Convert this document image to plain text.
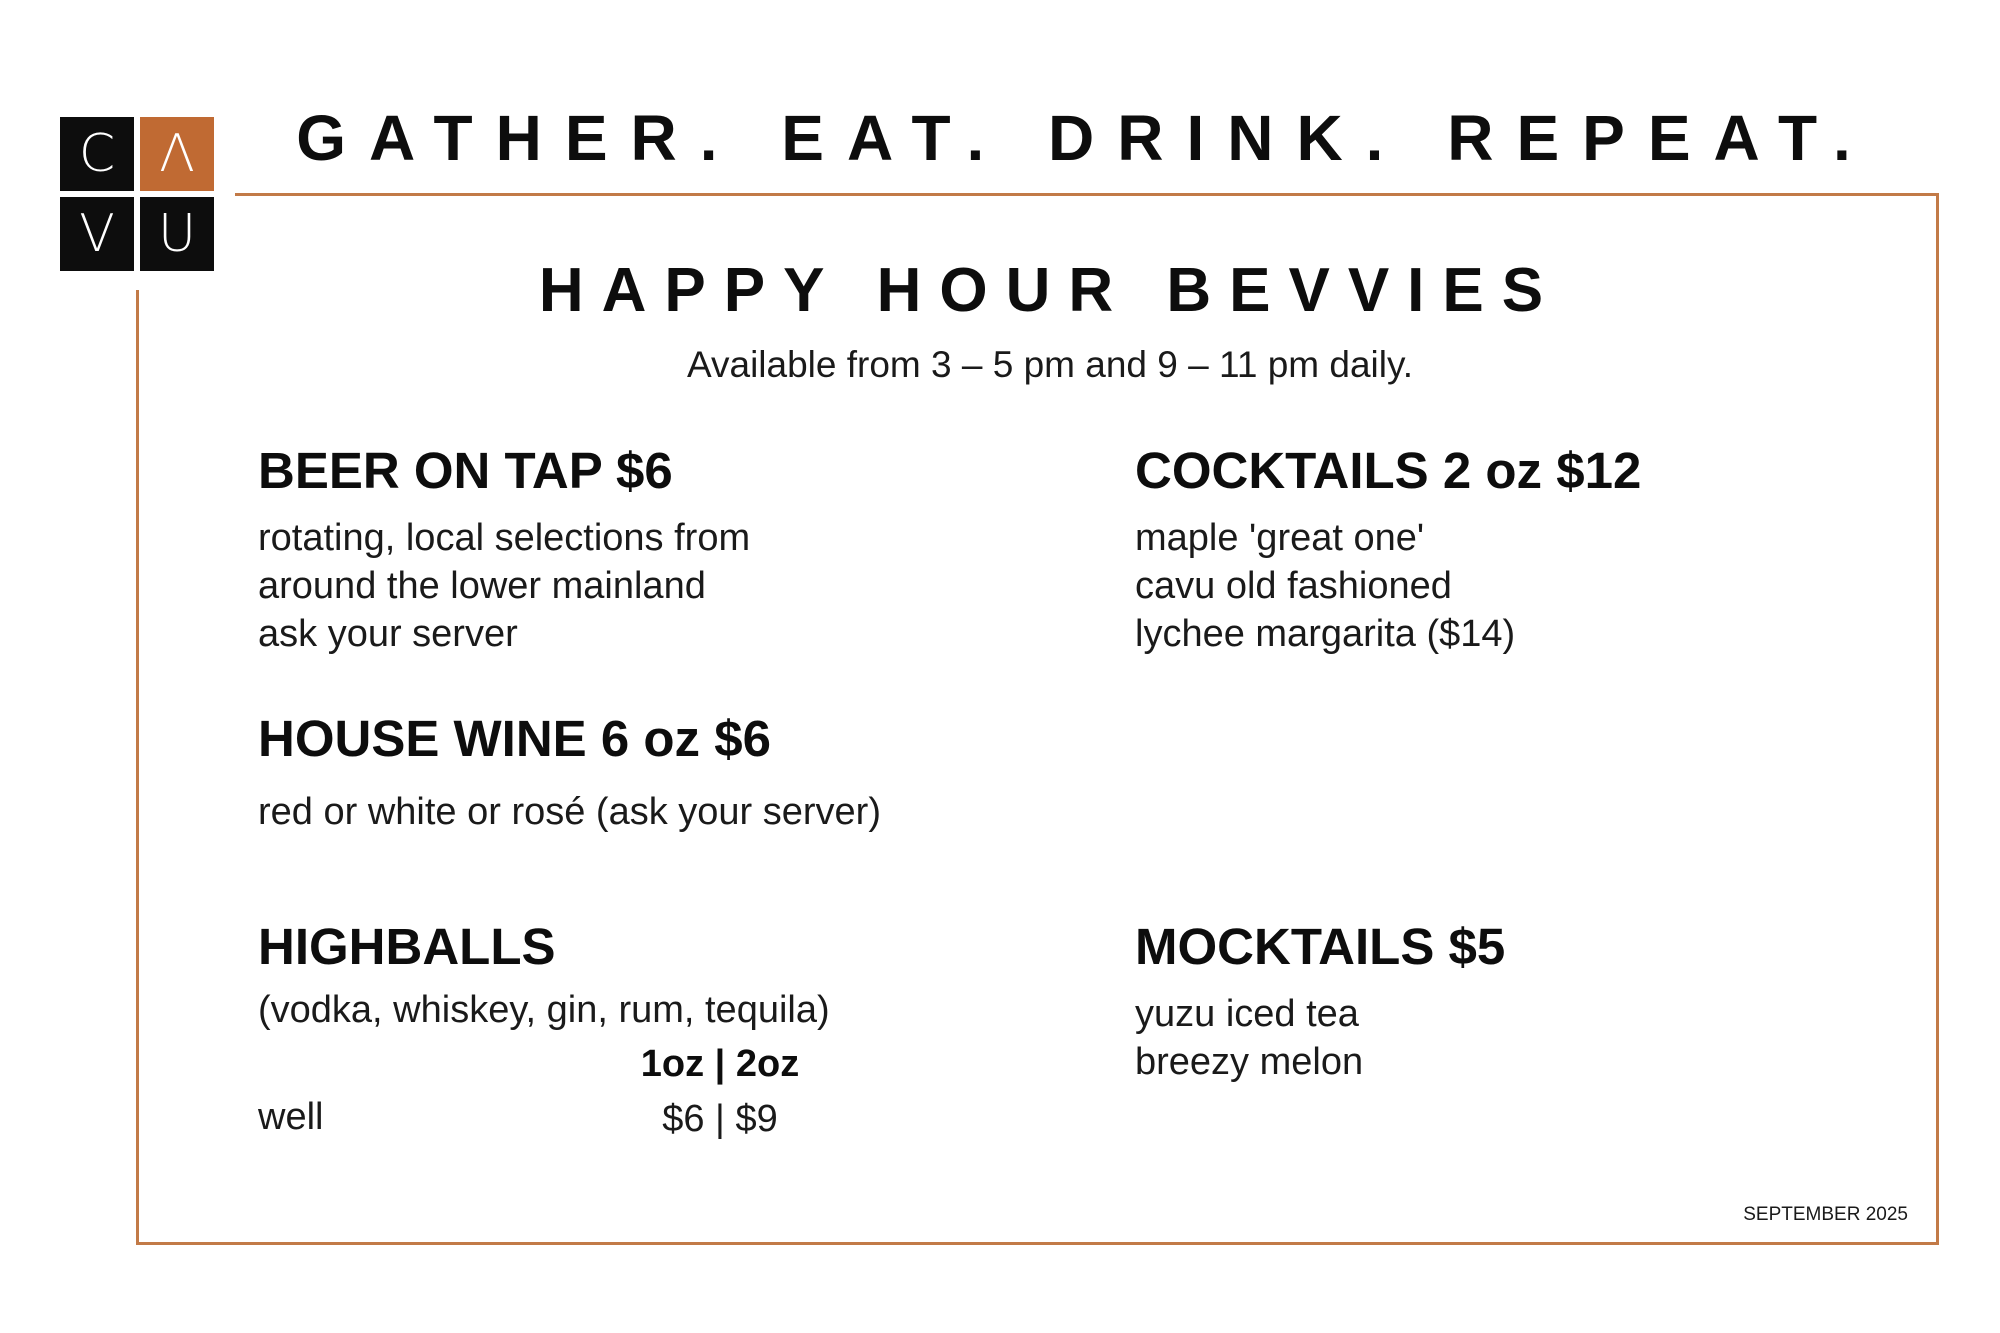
C Λ
V U
GATHER. EAT. DRINK. REPEAT.
HAPPY HOUR BEVVIES
Available from 3 – 5 pm and 9 – 11 pm daily.
BEER ON TAP $6
rotating, local selections from
around the lower mainland
ask your server
COCKTAILS 2 oz $12
maple 'great one'
cavu old fashioned
lychee margarita ($14)
HOUSE WINE 6 oz $6
red or white or rosé (ask your server)
HIGHBALLS
(vodka, whiskey, gin, rum, tequila)
1oz | 2oz
well	$6 | $9
MOCKTAILS $5
yuzu iced tea
breezy melon
SEPTEMBER 2025
